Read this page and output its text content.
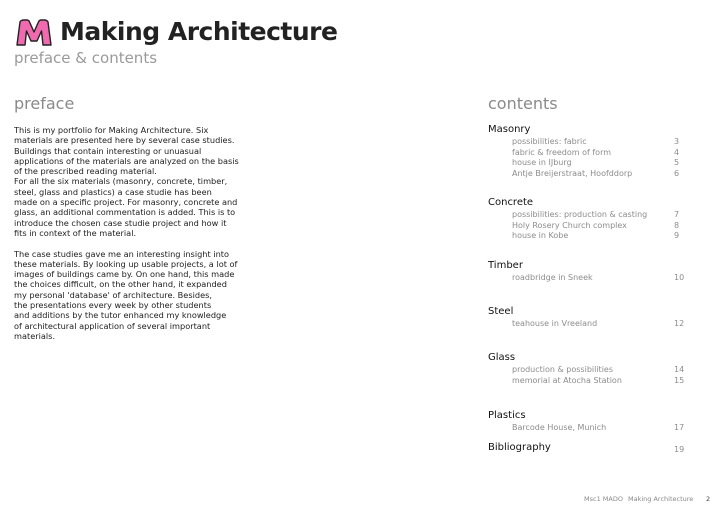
Making Architecture
preface & contents
preface	contents
This is my portfolio for Making Architecture. Six
materials are presented here by several case studies.
Buildings that contain interesting or unuasual
applications of the materials are analyzed on the basis
of the prescribed reading material.
For all the six materials (masonry, concrete, timber,
steel, glass and plastics) a case studie has been
made on a specific project. For masonry, concrete and
glass, an additional commentation is added. This is to
introduce the chosen case studie project and how it
fits in context of the material.
The case studies gave me an interesting insight into
these materials. By looking up usable projects, a lot of
images of buildings came by. On one hand, this made
the choices difficult, on the other hand, it expanded
my personal 'database' of architecture. Besides,
the presentations every week by other students
and additions by the tutor enhanced my knowledge
of architectural application of several important
materials.
Masonry
possibilities: fabric	3
fabric & freedom of form	4
house in IJburg	5
Antje Breijerstraat, Hoofddorp	6
Concrete
possibilities: production & casting	7
Holy Rosery Church complex	8
house in Kobe	9
Timber
roadbridge in Sneek	10
Steel
teahouse in Vreeland	12
Glass
production & possibilities	14
memorial at Atocha Station	15
Plastics
Barcode House, Munich	17
Bibliography	19
Msc1 MADO Making Architecture 2
